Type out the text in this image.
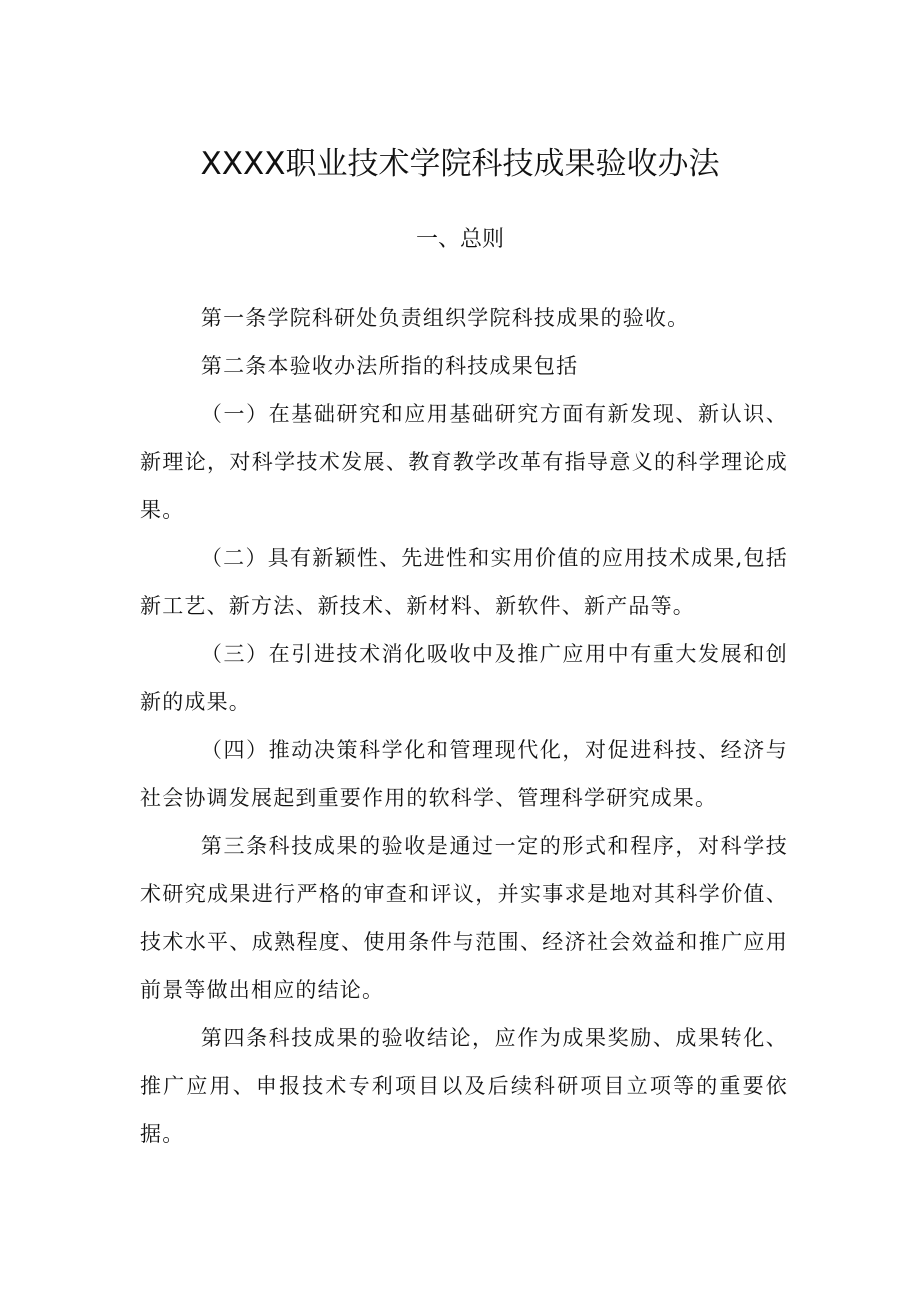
XXXX职业技术学院科技成果验收办法
一、总则

第一条学院科研处负责组织学院科技成果的验收。

第二条本验收办法所指的科技成果包括

（一）在基础研究和应用基础研究方面有新发现、新认识、新理论，对科学技术发展、教育教学改革有指导意义的科学理论成果。

（二）具有新颖性、先进性和实用价值的应用技术成果,包括新工艺、新方法、新技术、新材料、新软件、新产品等。

（三）在引进技术消化吸收中及推广应用中有重大发展和创新的成果。

（四）推动决策科学化和管理现代化，对促进科技、经济与社会协调发展起到重要作用的软科学、管理科学研究成果。

第三条科技成果的验收是通过一定的形式和程序，对科学技术研究成果进行严格的审查和评议，并实事求是地对其科学价值、技术水平、成熟程度、使用条件与范围、经济社会效益和推广应用前景等做出相应的结论。

第四条科技成果的验收结论，应作为成果奖励、成果转化、推广应用、申报技术专利项目以及后续科研项目立项等的重要依据。
